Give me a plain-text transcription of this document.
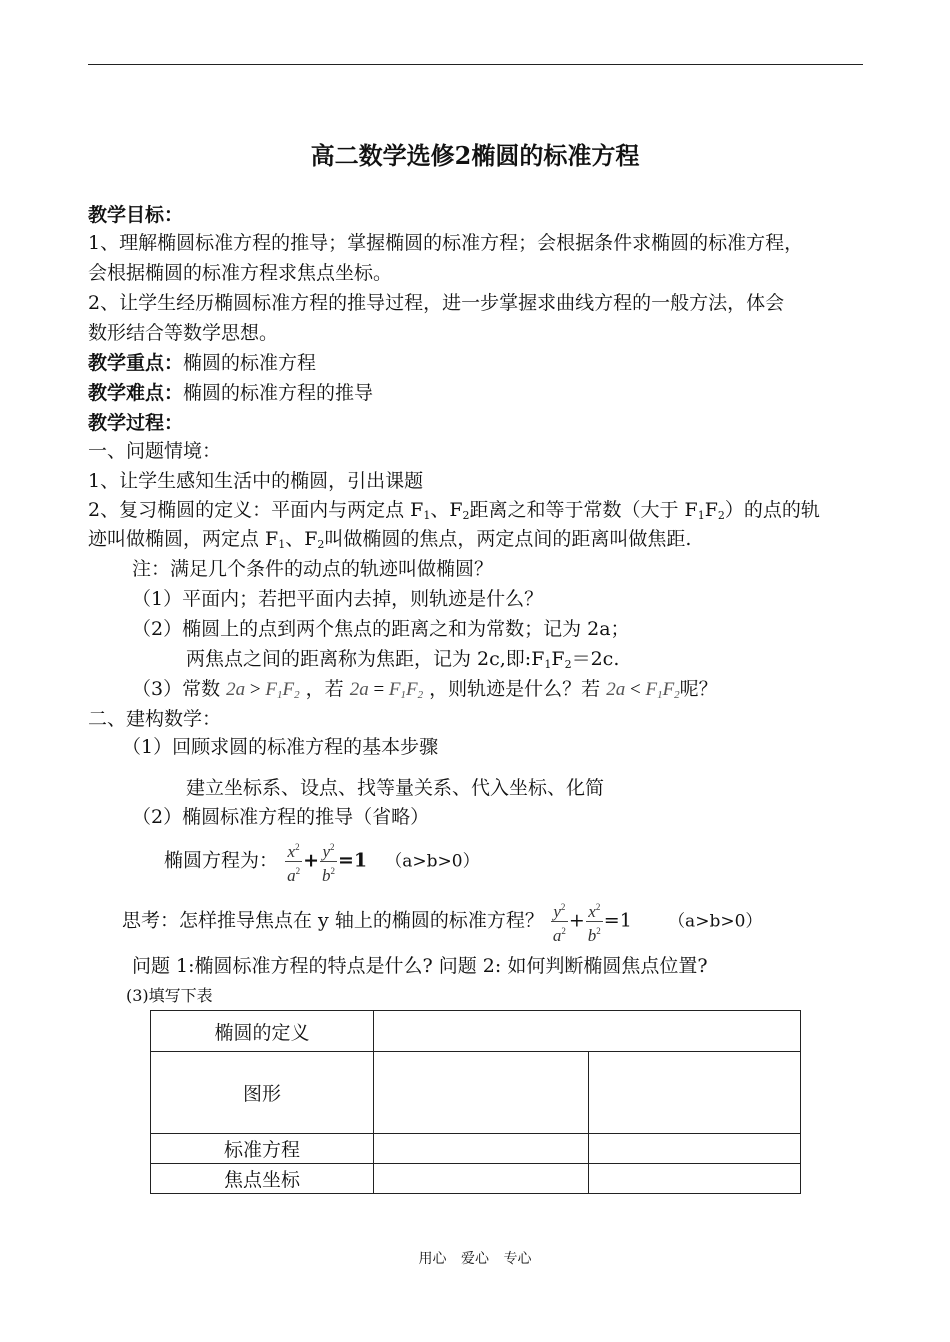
高二数学选修2椭圆的标准方程
教学目标：
1、理解椭圆标准方程的推导；掌握椭圆的标准方程；会根据条件求椭圆的标准方程，
会根据椭圆的标准方程求焦点坐标。
2、让学生经历椭圆标准方程的推导过程，进一步掌握求曲线方程的一般方法，体会
数形结合等数学思想。
教学重点：椭圆的标准方程
教学难点：椭圆的标准方程的推导
教学过程：
一、问题情境：
1、让学生感知生活中的椭圆，引出课题
2、复习椭圆的定义：平面内与两定点 $F_1$、$F_2$距离之和等于常数（大于 $F_1F_2$）的点的轨
迹叫做椭圆，两定点 $F_1$、$F_2$叫做椭圆的焦点，两定点间的距离叫做焦距.
注：满足几个条件的动点的轨迹叫做椭圆？
（1）平面内；若把平面内去掉，则轨迹是什么？
（2）椭圆上的点到两个焦点的距离之和为常数；记为 2a；
两焦点之间的距离称为焦距，记为 2c,即$:F_1F_2=2c$.
（3）常数 $2a > F_1F_2$ ，若 $2a = F_1F_2$ ，则轨迹是什么？若 $2a < F_1F_2$呢？
二、建构数学：
（1）回顾求圆的标准方程的基本步骤
建立坐标系、设点、找等量关系、代入坐标、化简
（2）椭圆标准方程的推导（省略）
椭圆方程为： $\frac{x^2}{a^2} + \frac{y^2}{b^2} =1$ （a>b>0）
思考：怎样推导焦点在 y 轴上的椭圆的标准方程？ $\frac{y^2}{a^2} + \frac{x^2}{b^2} =1$ （a>b>0）
问题 1:椭圆标准方程的特点是什么? 问题 2: 如何判断椭圆焦点位置?
(3)填写下表
椭圆的定义		
图形		
标准方程		
焦点坐标		
用心 爱心 专心
